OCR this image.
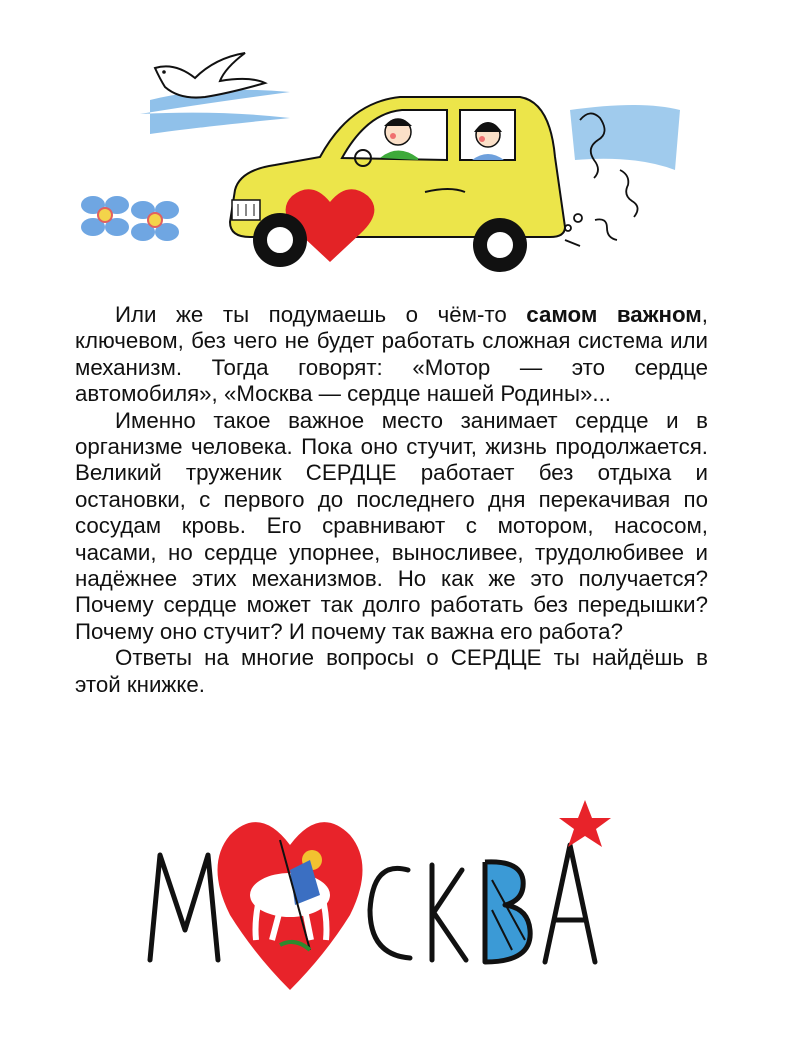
Или же ты подумаешь о чём-то самом важном, ключевом, без чего не будет работать сложная система или механизм. Тогда говорят: «Мотор — это сердце автомобиля», «Москва — сердце нашей Родины»...

Именно такое важное место занимает сердце и в организме человека. Пока оно стучит, жизнь продолжается. Великий труженик СЕРДЦЕ работает без отдыха и остановки, с первого до последнего дня перекачивая по сосудам кровь. Его сравнивают с мотором, насосом, часами, но сердце упорнее, выносливее, трудолюбивее и надёжнее этих механизмов. Но как же это получается? Почему сердце может так долго работать без передышки? Почему оно стучит? И почему так важна его работа?

Ответы на многие вопросы о СЕРДЦЕ ты найдёшь в этой книжке.
